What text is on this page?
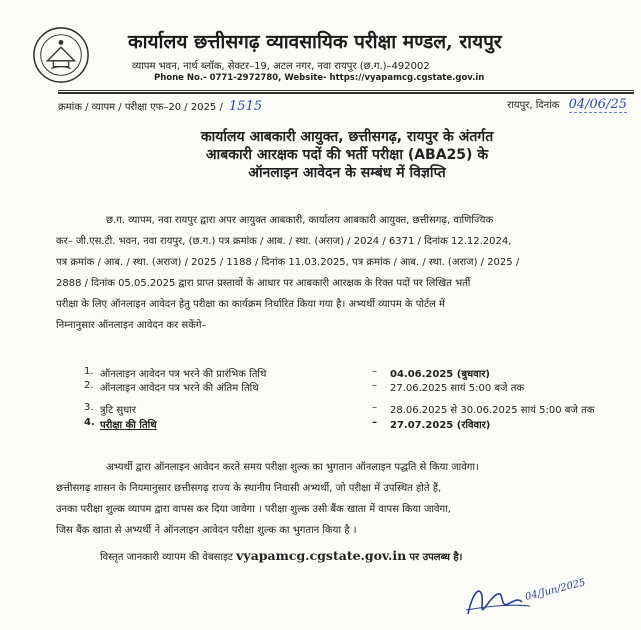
कार्यालय छत्तीसगढ़ व्यावसायिक परीक्षा मण्डल, रायपुर
व्यापम भवन, नार्थ ब्लॉक, सेक्टर–19, अटल नगर, नवा रायपुर (छ.ग.)–492002
Phone No.- 0771-2972780, Website- https://vyapamcg.cgstate.gov.in
क्रमांक / व्यापम / परीक्षा एफ–20 / 2025 / 1515	रायपुर, दिनांक 04/06/25
कार्यालय आबकारी आयुक्त, छत्तीसगढ़, रायपुर के अंतर्गत
आबकारी आरक्षक पदों की भर्ती परीक्षा (ABA25) के
ऑनलाइन आवेदन के सम्बंध में विज्ञप्ति
छ.ग. व्यापम, नवा रायपुर द्वारा अपर आयुक्त आबकारी, कार्यालय आबकारी आयुक्त, छत्तीसगढ़, वाणिज्यिक
कर– जी.एस.टी. भवन, नवा रायपुर, (छ.ग.) पत्र क्रमांक / आब. / स्था. (अराज) / 2024 / 6371 / दिनांक 12.12.2024,
पत्र क्रमांक / आब. / स्था. (अराज) / 2025 / 1188 / दिनांक 11.03.2025, पत्र क्रमांक / आब. / स्था. (अराज) / 2025 /
2888 / दिनांक 05.05.2025 द्वारा प्राप्त प्रस्तावों के आधार पर आबकारी आरक्षक के रिक्त पदों पर लिखित भर्ती
परीक्षा के लिए ऑनलाइन आवेदन हेतु परीक्षा का कार्यक्रम निर्धारित किया गया है। अभ्यर्थी व्यापम के पोर्टल में
निम्नानुसार ऑनलाइन आवेदन कर सकेंगे–
1. ऑनलाइन आवेदन पत्र भरने की प्रारंभिक तिथि	– 04.06.2025 (बुधवार)
2. ऑनलाइन आवेदन पत्र भरने की अंतिम तिथि	– 27.06.2025 सायं 5:00 बजे तक
3. त्रुटि सुधार	– 28.06.2025 से 30.06.2025 सायं 5:00 बजे तक
4. परीक्षा की तिथि	– 27.07.2025 (रविवार)
अभ्यर्थी द्वारा ऑनलाइन आवेदन करते समय परीक्षा शुल्क का भुगतान ऑनलाइन पद्धति से किया जावेगा।
छत्तीसगढ़ शासन के नियमानुसार छत्तीसगढ़ राज्य के स्थानीय निवासी अभ्यर्थी, जो परीक्षा में उपस्थित होते हैं,
उनका परीक्षा शुल्क व्यापम द्वारा वापस कर दिया जावेगा । परीक्षा शुल्क उसी बैंक खाता में वापस किया जावेगा,
जिस बैंक खाता से अभ्यर्थी ने ऑनलाइन आवेदन परीक्षा शुल्क का भुगतान किया है ।
विस्तृत जानकारी व्यापम की वेबसाइट vyapamcg.cgstate.gov.in पर उपलब्ध है।
04/Jun/2025
